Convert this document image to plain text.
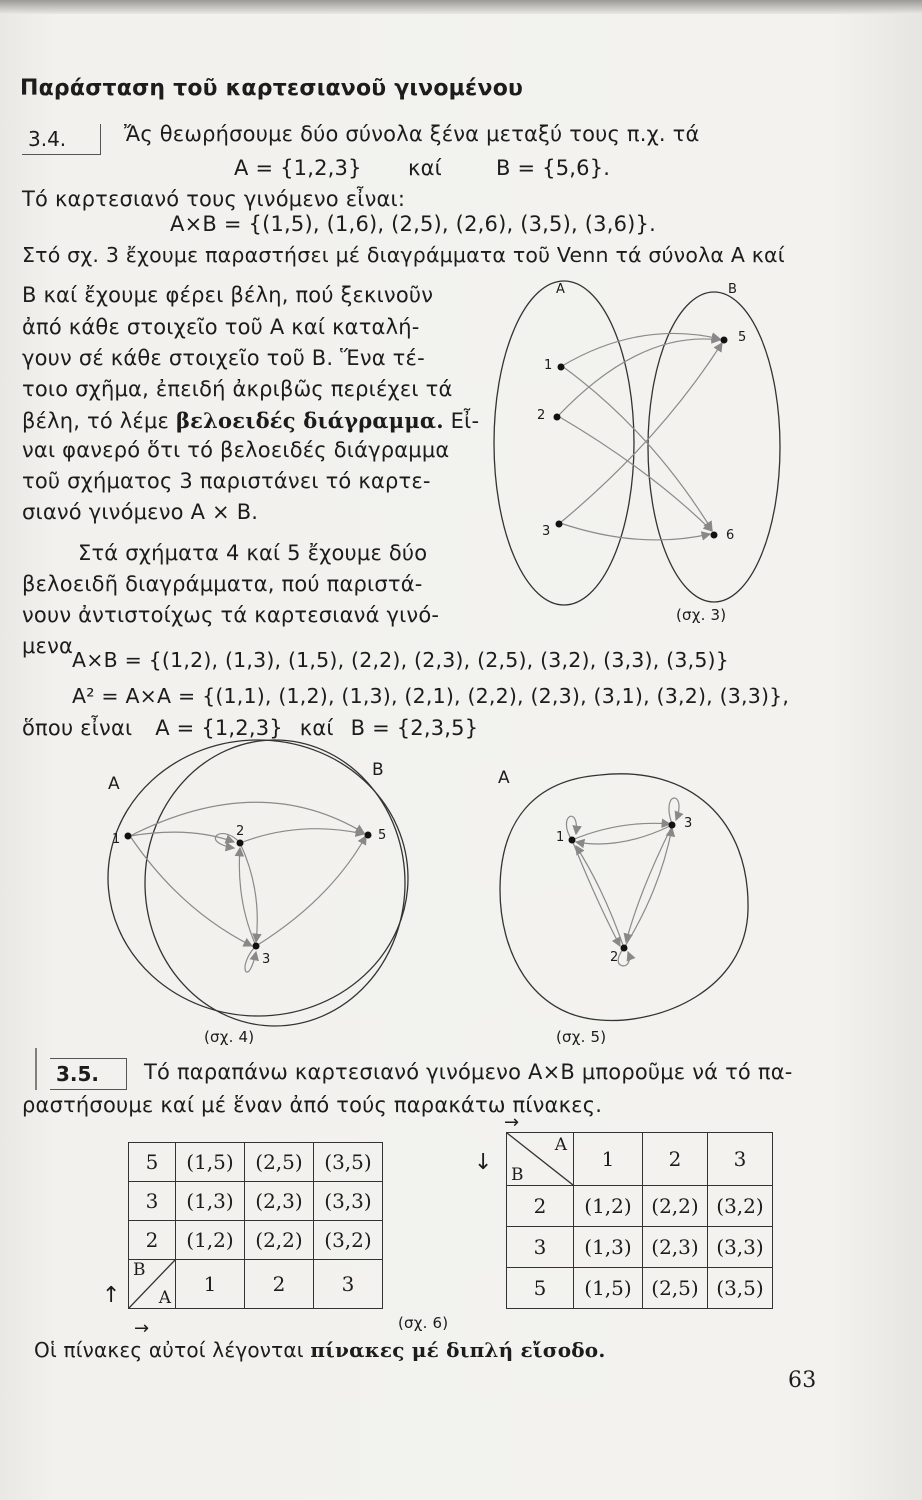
Παράσταση τοῦ καρτεσιανοῦ γινομένου
3.4.	Ἄς θεωρήσουμε δύο σύνολα ξένα μεταξύ τους π.χ. τά
A = {1,2,3} καί	B = {5,6}.
Τό καρτεσιανό τους γινόμενο εἶναι:
A×B = {(1,5), (1,6), (2,5), (2,6), (3,5), (3,6)}.
Στό σχ. 3 ἔχουμε παραστήσει μέ διαγράμματα τοῦ Venn τά σύνολα A καί
B καί ἔχουμε φέρει βέλη, πού ξεκινοῦν
ἀπό κάθε στοιχεῖο τοῦ A καί καταλή-
γουν σέ κάθε στοιχεῖο τοῦ B. Ἕνα τέ-
τοιο σχῆμα, ἐπειδή ἀκριβῶς περιέχει τά
βέλη, τό λέμε βελοειδές διάγραμμα. Εἶ-
ναι φανερό ὅτι τό βελοειδές διάγραμμα
τοῦ σχήματος 3 παριστάνει τό καρτε-
σιανό γινόμενο A × B.
Στά σχήματα 4 καί 5 ἔχουμε δύο
βελοειδῆ διαγράμματα, πού παριστά-
νουν ἀντιστοίχως τά καρτεσιανά γινό-
μενα
A×B = {(1,2), (1,3), (1,5), (2,2), (2,3), (2,5), (3,2), (3,3), (3,5)}
A² = A×A = {(1,1), (1,2), (1,3), (2,1), (2,2), (2,3), (3,1), (3,2), (3,3)},
ὅπου εἶναι A = {1,2,3} καί B = {2,3,5}
A	B
1
2
3
5
6
(σχ. 3)
A
B
1
2
3
5
(σχ. 4)
A
1
2
3
(σχ. 5)
3.5.	Τό παραπάνω καρτεσιανό γινόμενο A×B μποροῦμε νά τό πα-
ραστήσουμε καί μέ ἕναν ἀπό τούς παρακάτω πίνακες.
5	(1,5)	(2,5)	(3,5)
3	(1,3)	(2,3)	(3,3)
2	(1,2)	(2,2)	(3,2)

B
A	1	2	3
↑
→
A
B	1	2	3
2	(1,2)	(2,2)	(3,2)
3	(1,3)	(2,3)	(3,3)
5	(1,5)	(2,5)	(3,5)
↓
→
(σχ. 6)
Οἱ πίνακες αὐτοί λέγονται πίνακες μέ διπλή εἴσοδο.
63
